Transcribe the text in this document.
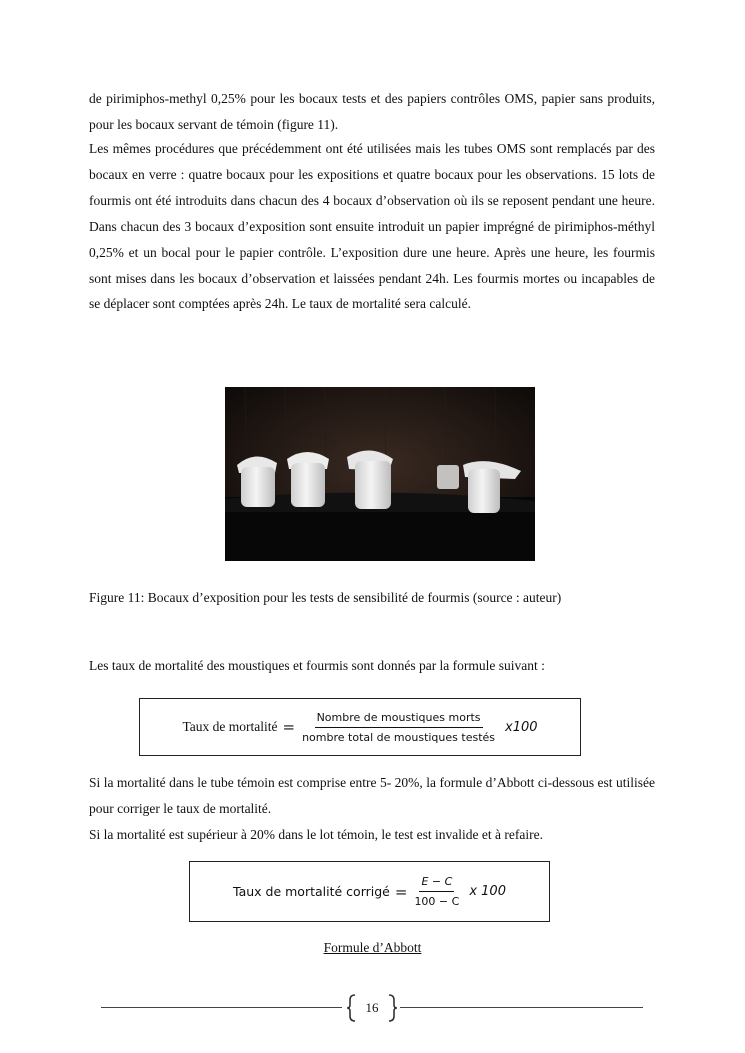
de pirimiphos-methyl 0,25% pour les bocaux tests et des papiers contrôles OMS, papier sans produits, pour les bocaux servant de témoin (figure 11).

Les mêmes procédures que précédemment ont été utilisées mais les tubes OMS sont remplacés par des bocaux en verre : quatre bocaux pour les expositions et quatre bocaux pour les observations. 15 lots de fourmis ont été introduits dans chacun des 4 bocaux d’observation où ils se reposent pendant une heure. Dans chacun des 3 bocaux d’exposition sont ensuite introduit un papier imprégné de pirimiphos-méthyl 0,25% et un bocal pour le papier contrôle. L’exposition dure une heure. Après une heure, les fourmis sont mises dans les bocaux d’observation et laissées pendant 24h. Les fourmis mortes ou incapables de se déplacer sont comptées après 24h. Le taux de mortalité sera calculé.

Figure 11: Bocaux d’exposition pour les tests de sensibilité de fourmis (source : auteur)

Les taux de mortalité des moustiques et fourmis sont donnés par la formule suivant :

Taux de mortalité = $\frac{\text{Nombre de moustiques morts}}{\text{nombre total de moustiques testés}} x100$
Si la mortalité dans le tube témoin est comprise entre 5- 20%, la formule d’Abbott ci-dessous est utilisée pour corriger le taux de mortalité.
Si la mortalité est supérieur à 20% dans le lot témoin, le test est invalide et à refaire.
Taux de mortalité corrigé = $\frac{E - C}{100 - C}$ x 100

Formule d’Abbott

16
